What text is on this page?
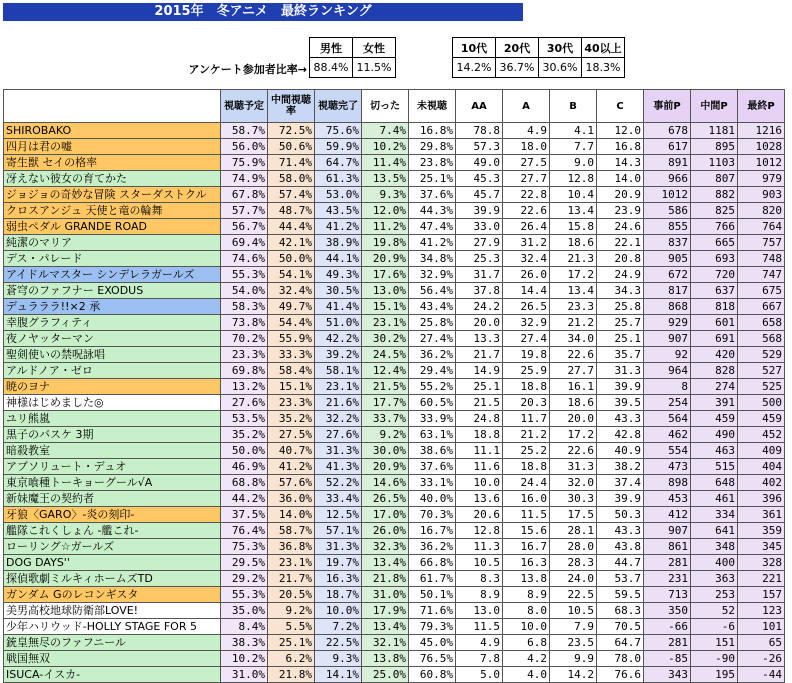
2015年　冬アニメ　最終ランキング
男性	女性
88.4%	11.5%
アンケート参加者比率→
10代	20代	30代	40以上
14.2%	36.7%	30.6%	18.3%
	視聴予定	中間視聴率	視聴完了	切った	未視聴	AA	A	B	C	事前P	中間P	最終P
SHIROBAKO	58.7%	72.5%	75.6%	7.4%	16.8%	78.8	4.9	4.1	12.0	678	1181	1216
四月は君の嘘	56.0%	50.6%	59.9%	10.2%	29.8%	57.3	18.0	7.7	16.8	617	895	1028
寄生獣 セイの格率	75.9%	71.4%	64.7%	11.4%	23.8%	49.0	27.5	9.0	14.3	891	1103	1012
冴えない彼女の育てかた	74.9%	58.0%	61.3%	13.5%	25.1%	45.3	27.7	12.8	14.0	966	807	979
ジョジョの奇妙な冒険 スターダストクル	67.8%	57.4%	53.0%	9.3%	37.6%	45.7	22.8	10.4	20.9	1012	882	903
クロスアンジュ 天使と竜の輪舞	57.7%	48.7%	43.5%	12.0%	44.3%	39.9	22.6	13.4	23.9	586	825	820
弱虫ペダル GRANDE ROAD	56.7%	44.4%	41.2%	11.2%	47.4%	33.0	26.4	15.8	24.6	855	766	764
純潔のマリア	69.4%	42.1%	38.9%	19.8%	41.2%	27.9	31.2	18.6	22.1	837	665	757
デス・パレード	74.6%	50.0%	44.1%	20.9%	34.8%	25.3	32.4	21.3	20.8	905	693	748
アイドルマスター シンデレラガールズ	55.3%	54.1%	49.3%	17.6%	32.9%	31.7	26.0	17.2	24.9	672	720	747
蒼穹のファフナー EXODUS	54.0%	32.4%	30.5%	13.0%	56.4%	37.8	14.4	13.4	34.3	817	637	675
デュラララ!!×2 承	58.3%	49.7%	41.4%	15.1%	43.4%	24.2	26.5	23.3	25.8	868	818	667
幸腹グラフィティ	73.8%	54.4%	51.0%	23.1%	25.8%	20.0	32.9	21.2	25.7	929	601	658
夜ノヤッターマン	70.2%	55.9%	42.2%	30.2%	27.4%	13.3	27.4	34.0	25.1	907	691	568
聖剣使いの禁呪詠唱	23.3%	33.3%	39.2%	24.5%	36.2%	21.7	19.8	22.6	35.7	92	420	529
アルドノア・ゼロ	69.8%	58.4%	58.1%	12.4%	29.4%	14.9	25.9	27.7	31.3	964	828	527
暁のヨナ	13.2%	15.1%	23.1%	21.5%	55.2%	25.1	18.8	16.1	39.9	8	274	525
神様はじめました◎	27.6%	23.3%	21.6%	17.7%	60.5%	21.5	20.3	18.6	39.5	254	391	500
ユリ熊嵐	53.5%	35.2%	32.2%	33.7%	33.9%	24.8	11.7	20.0	43.3	564	459	459
黒子のバスケ 3期	35.2%	27.5%	27.6%	9.2%	63.1%	18.8	21.2	17.2	42.8	462	490	452
暗殺教室	50.0%	40.7%	31.3%	30.0%	38.6%	11.1	25.2	22.6	40.9	554	463	409
アブソリュート・デュオ	46.9%	41.2%	41.3%	20.9%	37.6%	11.6	18.8	31.3	38.2	473	515	404
東京喰種トーキョーグール√A	68.8%	57.6%	52.2%	14.6%	33.1%	10.0	24.4	32.0	37.4	898	648	402
新妹魔王の契約者	44.2%	36.0%	33.4%	26.5%	40.0%	13.6	16.0	30.3	39.9	453	461	396
牙狼〈GARO〉-炎の刻印-	37.5%	14.0%	12.5%	17.0%	70.3%	20.6	11.5	17.5	50.3	412	334	361
艦隊これくしょん -艦これ-	76.4%	58.7%	57.1%	26.0%	16.7%	12.8	15.6	28.1	43.3	907	641	359
ローリング☆ガールズ	75.3%	36.8%	31.3%	32.3%	36.2%	11.3	16.7	28.0	43.8	861	348	345
DOG DAYS''	29.5%	23.1%	19.7%	13.4%	66.8%	10.5	16.3	28.3	44.7	281	400	328
探偵歌劇ミルキィホームズTD	29.2%	21.7%	16.3%	21.8%	61.7%	8.3	13.8	24.0	53.7	231	363	221
ガンダム Gのレコンギスタ	55.3%	20.5%	18.7%	31.0%	50.1%	8.9	8.9	22.5	59.5	713	253	157
美男高校地球防衛部LOVE!	35.0%	9.2%	10.0%	17.9%	71.6%	13.0	8.0	10.5	68.3	350	52	123
少年ハリウッド-HOLLY STAGE FOR 5	8.4%	5.5%	7.2%	13.4%	79.3%	11.5	10.0	7.9	70.5	-66	-6	101
銃皇無尽のファフニール	38.3%	25.1%	22.5%	32.1%	45.0%	4.9	6.8	23.5	64.7	281	151	65
戦国無双	10.2%	6.2%	9.3%	13.8%	76.5%	7.8	4.2	9.9	78.0	-85	-90	-26
ISUCA-イスカ-	31.0%	21.8%	14.1%	25.0%	60.8%	5.0	4.0	14.2	76.6	343	195	-44
